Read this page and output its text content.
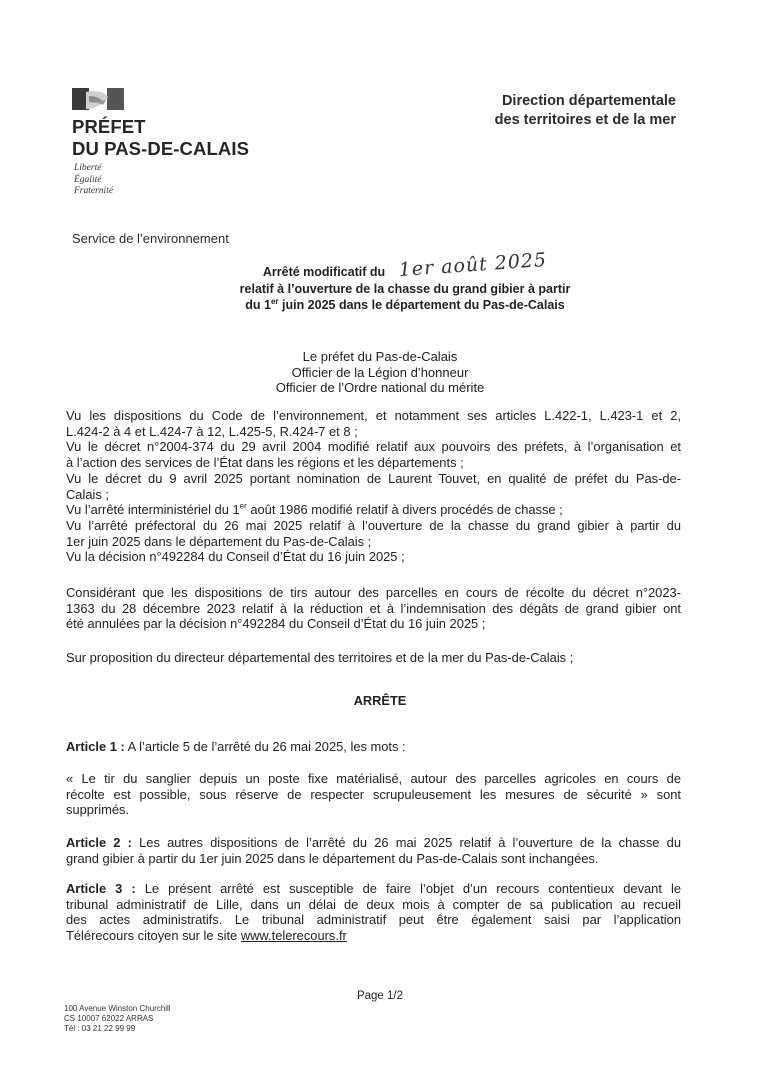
PRÉFET
DU PAS-DE-CALAIS
Liberté
Égalité
Fraternité
Direction départementale
des territoires et de la mer
Service de l’environnement
Arrêté modificatif du 1er août 2025
relatif à l’ouverture de la chasse du grand gibier à partir
du 1er juin 2025 dans le département du Pas-de-Calais
Le préfet du Pas-de-Calais
Officier de la Légion d’honneur
Officier de l’Ordre national du mérite
Vu les dispositions du Code de l’environnement, et notamment ses articles L.422-1, L.423-1 et 2,
L.424-2 à 4 et L.424-7 à 12, L.425-5, R.424-7 et 8 ;
Vu le décret n°2004-374 du 29 avril 2004 modifié relatif aux pouvoirs des préfets, à l’organisation et
à l’action des services de l’État dans les régions et les départements ;
Vu le décret du 9 avril 2025 portant nomination de Laurent Touvet, en qualité de préfet du Pas-de-
Calais ;
Vu l’arrêté interministériel du 1er août 1986 modifié relatif à divers procédés de chasse ;
Vu l’arrêté préfectoral du 26 mai 2025 relatif à l’ouverture de la chasse du grand gibier à partir du
1er juin 2025 dans le département du Pas-de-Calais ;
Vu la décision n°492284 du Conseil d’État du 16 juin 2025 ;
Considérant que les dispositions de tirs autour des parcelles en cours de récolte du décret n°2023-
1363 du 28 décembre 2023 relatif à la réduction et à l’indemnisation des dégâts de grand gibier ont
été annulées par la décision n°492284 du Conseil d’État du 16 juin 2025 ;
Sur proposition du directeur départemental des territoires et de la mer du Pas-de-Calais ;
ARRÊTE
Article 1 : A l’article 5 de l’arrêté du 26 mai 2025, les mots :
« Le tir du sanglier depuis un poste fixe matérialisé, autour des parcelles agricoles en cours de
récolte est possible, sous réserve de respecter scrupuleusement les mesures de sécurité » sont
supprimés.
Article 2 : Les autres dispositions de l’arrêté du 26 mai 2025 relatif à l’ouverture de la chasse du
grand gibier à partir du 1er juin 2025 dans le département du Pas-de-Calais sont inchangées.
Article 3 : Le présent arrêté est susceptible de faire l’objet d’un recours contentieux devant le
tribunal administratif de Lille, dans un délai de deux mois à compter de sa publication au recueil
des actes administratifs. Le tribunal administratif peut être également saisi par l’application
Télérecours citoyen sur le site www.telerecours.fr
Page 1/2
100 Avenue Winston Churchill
CS 10007 62022 ARRAS
Tél : 03 21 22 99 99
